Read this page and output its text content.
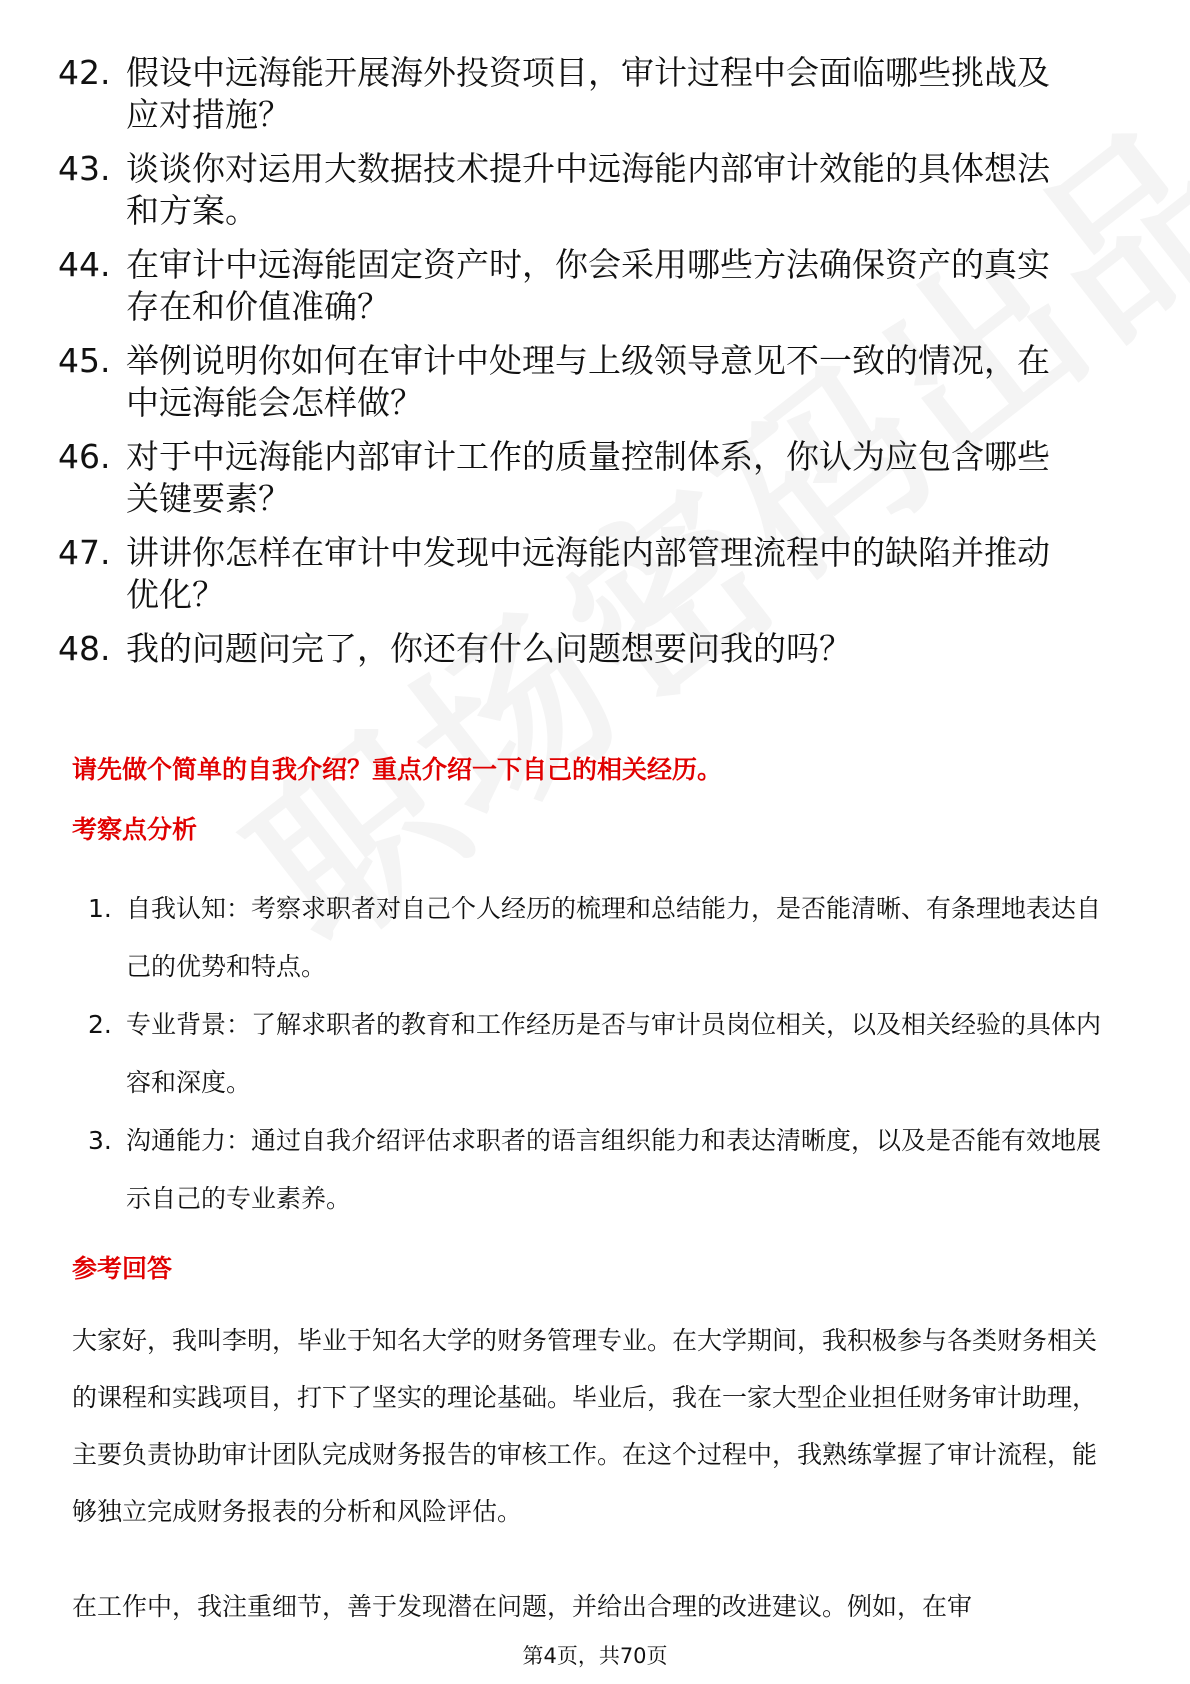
42. 假设中远海能开展海外投资项目，审计过程中会面临哪些挑战及应对措施？
43. 谈谈你对运用大数据技术提升中远海能内部审计效能的具体想法和方案。
44. 在审计中远海能固定资产时，你会采用哪些方法确保资产的真实存在和价值准确？
45. 举例说明你如何在审计中处理与上级领导意见不一致的情况，在中远海能会怎样做？
46. 对于中远海能内部审计工作的质量控制体系，你认为应包含哪些关键要素？
47. 讲讲你怎样在审计中发现中远海能内部管理流程中的缺陷并推动优化？
48. 我的问题问完了，你还有什么问题想要问我的吗？
请先做个简单的自我介绍？重点介绍一下自己的相关经历。
考察点分析
1. 自我认知：考察求职者对自己个人经历的梳理和总结能力，是否能清晰、有条理地表达自己的优势和特点。
2. 专业背景：了解求职者的教育和工作经历是否与审计员岗位相关，以及相关经验的具体内容和深度。
3. 沟通能力：通过自我介绍评估求职者的语言组织能力和表达清晰度，以及是否能有效地展示自己的专业素养。
参考回答

大家好，我叫李明，毕业于知名大学的财务管理专业。在大学期间，我积极参与各类财务相关的课程和实践项目，打下了坚实的理论基础。毕业后，我在一家大型企业担任财务审计助理，主要负责协助审计团队完成财务报告的审核工作。在这个过程中，我熟练掌握了审计流程，能够独立完成财务报表的分析和风险评估。

在工作中，我注重细节，善于发现潜在问题，并给出合理的改进建议。例如，在审

第4页，共70页
